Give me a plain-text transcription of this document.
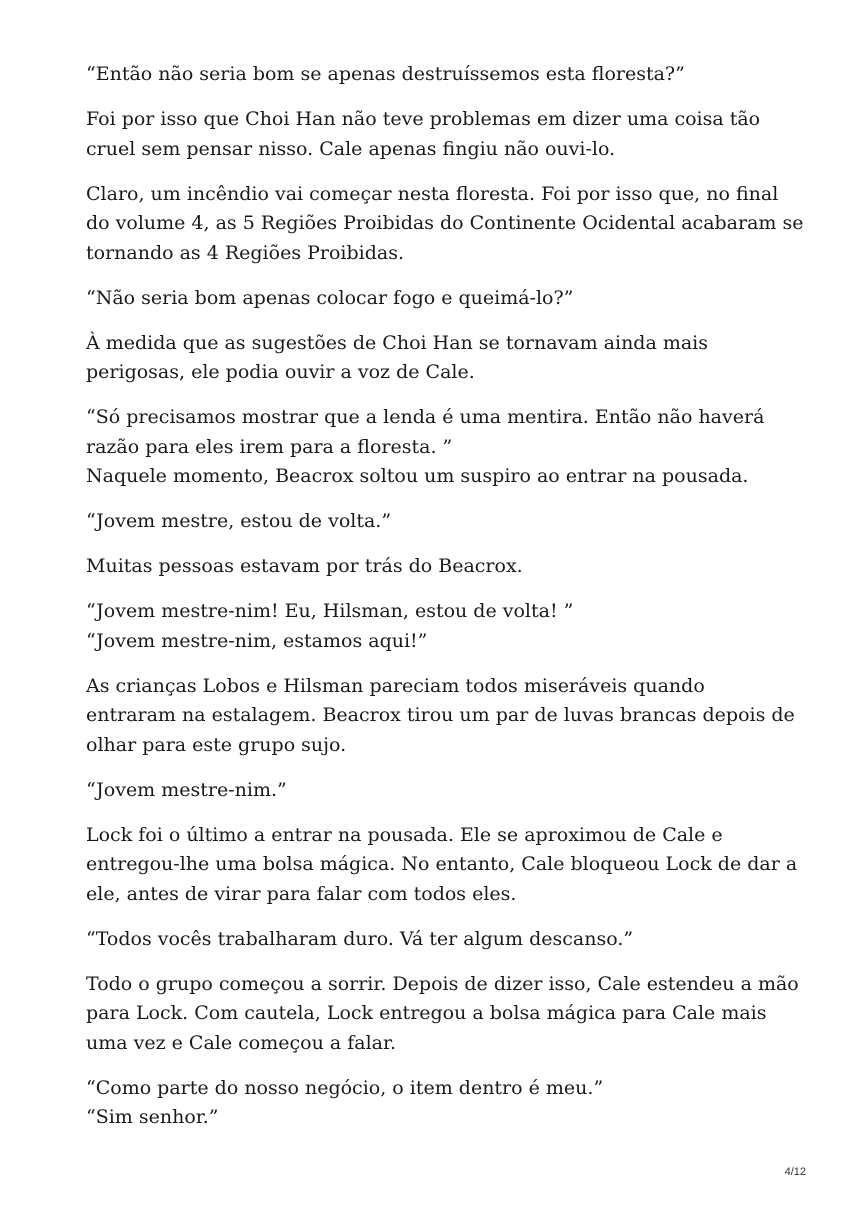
“Então não seria bom se apenas destruíssemos esta floresta?”

Foi por isso que Choi Han não teve problemas em dizer uma coisa tão
cruel sem pensar nisso. Cale apenas fingiu não ouvi-lo.

Claro, um incêndio vai começar nesta floresta. Foi por isso que, no final
do volume 4, as 5 Regiões Proibidas do Continente Ocidental acabaram se
tornando as 4 Regiões Proibidas.

“Não seria bom apenas colocar fogo e queimá-lo?”

À medida que as sugestões de Choi Han se tornavam ainda mais
perigosas, ele podia ouvir a voz de Cale.

“Só precisamos mostrar que a lenda é uma mentira. Então não haverá
razão para eles irem para a floresta. ”
Naquele momento, Beacrox soltou um suspiro ao entrar na pousada.

“Jovem mestre, estou de volta.”

Muitas pessoas estavam por trás do Beacrox.

“Jovem mestre-nim! Eu, Hilsman, estou de volta! ”
“Jovem mestre-nim, estamos aqui!”

As crianças Lobos e Hilsman pareciam todos miseráveis quando
entraram na estalagem. Beacrox tirou um par de luvas brancas depois de
olhar para este grupo sujo.

“Jovem mestre-nim.”

Lock foi o último a entrar na pousada. Ele se aproximou de Cale e
entregou-lhe uma bolsa mágica. No entanto, Cale bloqueou Lock de dar a
ele, antes de virar para falar com todos eles.

“Todos vocês trabalharam duro. Vá ter algum descanso.”

Todo o grupo começou a sorrir. Depois de dizer isso, Cale estendeu a mão
para Lock. Com cautela, Lock entregou a bolsa mágica para Cale mais
uma vez e Cale começou a falar.

“Como parte do nosso negócio, o item dentro é meu.”
“Sim senhor.”

4/12
